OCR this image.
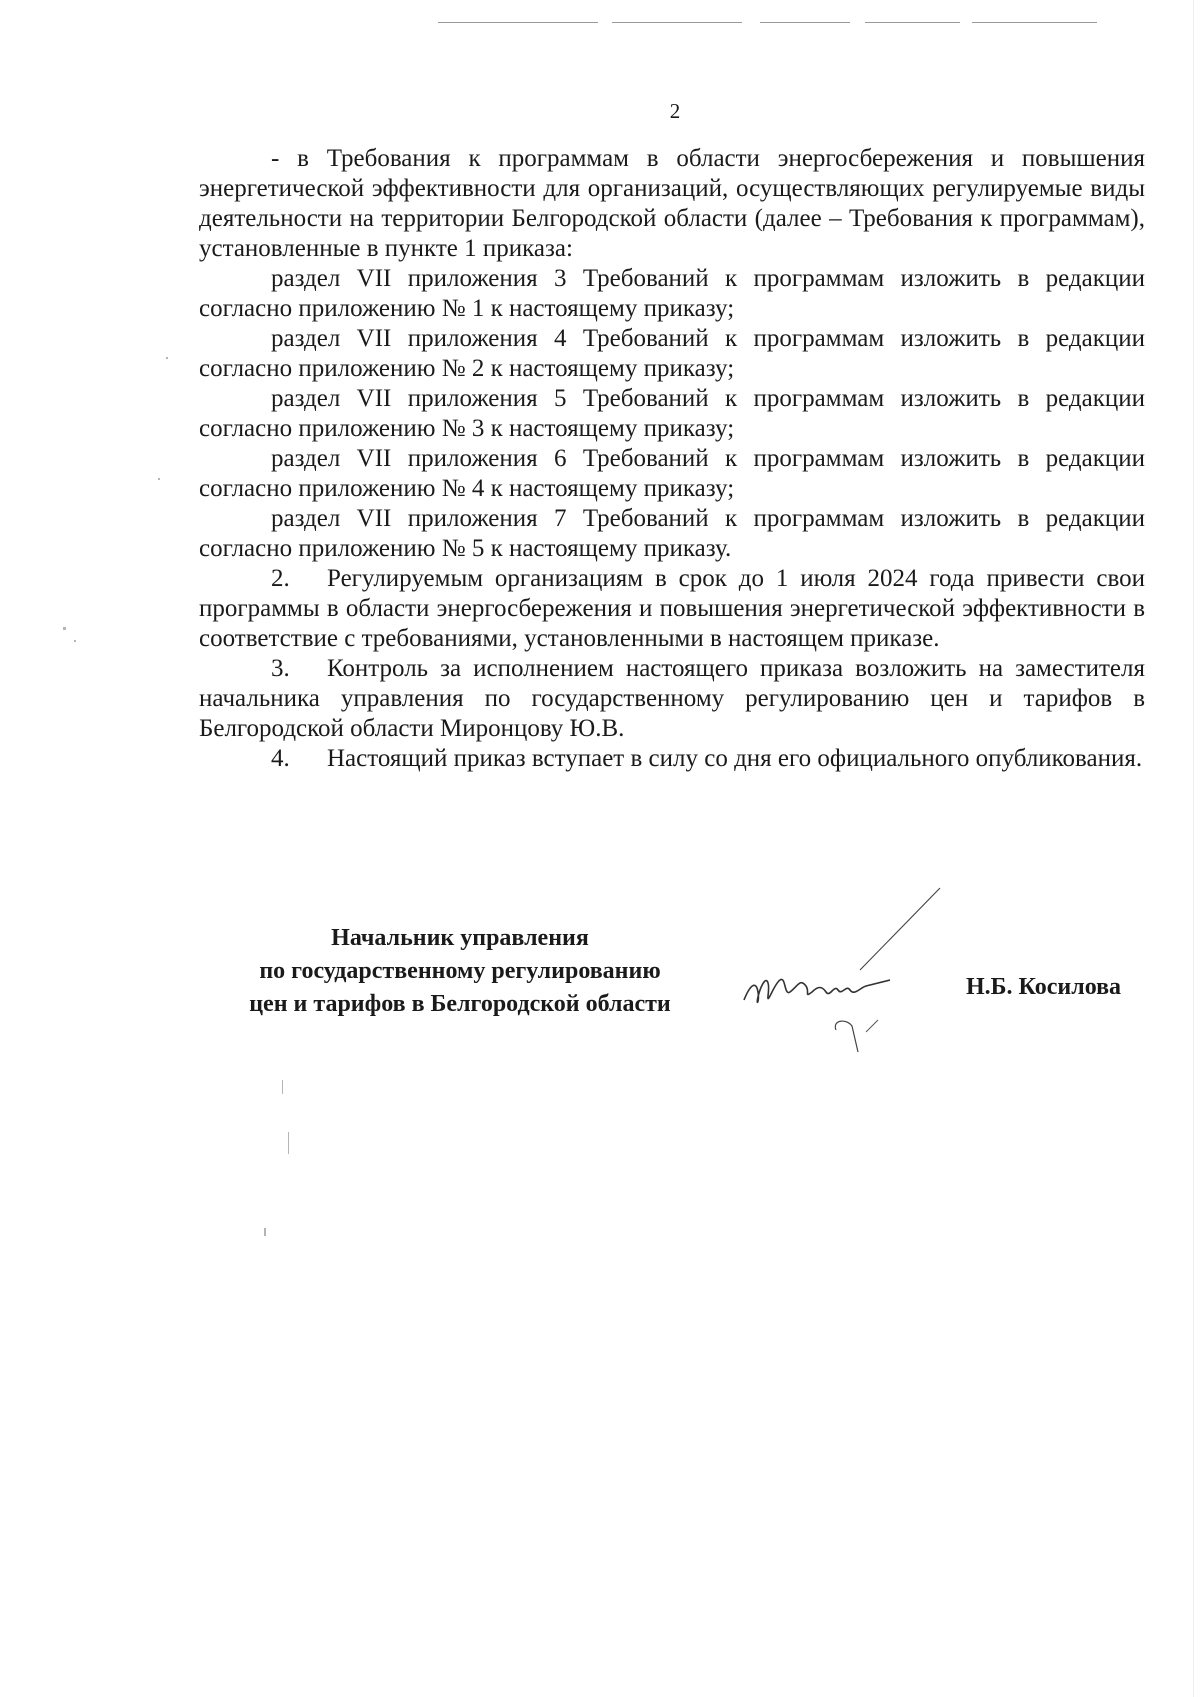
2

- в Требования к программам в области энергосбережения и повышения энергетической эффективности для организаций, осуществляющих регулируемые виды деятельности на территории Белгородской области (далее – Требования к программам), установленные в пункте 1 приказа:

раздел VII приложения 3 Требований к программам изложить в редакции согласно приложению № 1 к настоящему приказу;

раздел VII приложения 4 Требований к программам изложить в редакции согласно приложению № 2 к настоящему приказу;

раздел VII приложения 5 Требований к программам изложить в редакции согласно приложению № 3 к настоящему приказу;

раздел VII приложения 6 Требований к программам изложить в редакции согласно приложению № 4 к настоящему приказу;

раздел VII приложения 7 Требований к программам изложить в редакции согласно приложению № 5 к настоящему приказу.

2. Регулируемым организациям в срок до 1 июля 2024 года привести свои программы в области энергосбережения и повышения энергетической эффективности в соответствие с требованиями, установленными в настоящем приказе.

3. Контроль за исполнением настоящего приказа возложить на заместителя начальника управления по государственному регулированию цен и тарифов в Белгородской области Миронцову Ю.В.

4. Настоящий приказ вступает в силу со дня его официального опубликования.

Начальник управления
по государственному регулированию
цен и тарифов в Белгородской области
Н.Б. Косилова
